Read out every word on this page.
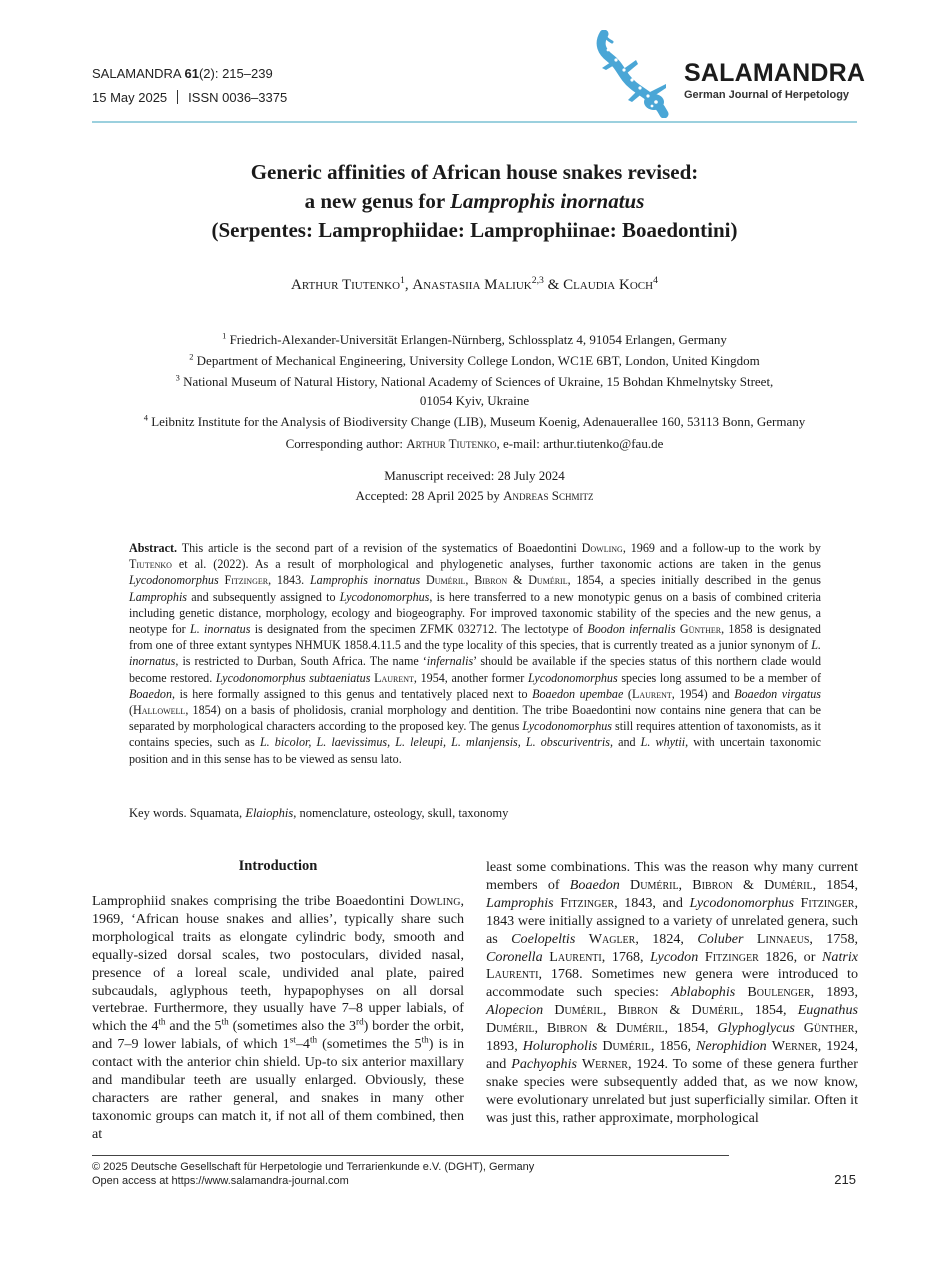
SALAMANDRA 61(2): 215–239
15 May 2025 ISSN 0036–3375
SALAMANDRA
German Journal of Herpetology
Generic affinities of African house snakes revised:
a new genus for Lamprophis inornatus
(Serpentes: Lamprophiidae: Lamprophiinae: Boaedontini)
Arthur Tiutenko$^1$, Anastasiia Maliuk$^{2,3}$ & Claudia Koch$^4$
$^1$ Friedrich-Alexander-Universität Erlangen-Nürnberg, Schlossplatz 4, 91054 Erlangen, Germany
$^2$ Department of Mechanical Engineering, University College London, WC1E 6BT, London, United Kingdom
$^3$ National Museum of Natural History, National Academy of Sciences of Ukraine, 15 Bohdan Khmelnytsky Street,
01054 Kyiv, Ukraine
$^4$ Leibnitz Institute for the Analysis of Biodiversity Change (LIB), Museum Koenig, Adenauerallee 160, 53113 Bonn, Germany
Corresponding author: Arthur Tiutenko, e-mail: arthur.tiutenko@fau.de
Manuscript received: 28 July 2024
Accepted: 28 April 2025 by Andreas Schmitz
Abstract. This article is the second part of a revision of the systematics of Boaedontini Dowling, 1969 and a follow-up to the work by Tiutenko et al. (2022). As a result of morphological and phylogenetic analyses, further taxonomic actions are taken in the genus Lycodonomorphus Fitzinger, 1843. Lamprophis inornatus Duméril, Bibron & Duméril, 1854, a species initially described in the genus Lamprophis and subsequently assigned to Lycodonomorphus, is here transferred to a new monotypic genus on a basis of combined criteria including genetic distance, morphology, ecology and biogeography. For improved taxonomic stability of the species and the new genus, a neotype for L. inornatus is designated from the specimen ZFMK 032712. The lectotype of Boodon infernalis Günther, 1858 is designated from one of three extant syntypes NHMUK 1858.4.11.5 and the type locality of this species, that is currently treated as a junior synonym of L. inornatus, is restricted to Durban, South Africa. The name ‘infernalis’ should be available if the species status of this northern clade would become restored. Lycodonomorphus subtaeniatus Laurent, 1954, another former Lycodonomorphus species long assumed to be a member of Boaedon, is here formally assigned to this genus and tentatively placed next to Boaedon upembae (Laurent, 1954) and Boaedon virgatus (Hallowell, 1854) on a basis of pholidosis, cranial morphology and dentition. The tribe Boaedontini now contains nine genera that can be separated by morphological characters according to the proposed key. The genus Lycodonomorphus still requires attention of taxonomists, as it contains species, such as L. bicolor, L. laevissimus, L. leleupi, L. mlanjensis, L. obscuriventris, and L. whytii, with uncertain taxonomic position and in this sense has to be viewed as sensu lato.
Key words. Squamata, Elaiophis, nomenclature, osteology, skull, taxonomy
Introduction
Lamprophiid snakes comprising the tribe Boaedontini Dowling, 1969, ‘African house snakes and allies’, typically share such morphological traits as elongate cylindric body, smooth and equally-sized dorsal scales, two postoculars, divided nasal, presence of a loreal scale, undivided anal plate, paired subcaudals, aglyphous teeth, hypapophyses on all dorsal vertebrae. Furthermore, they usually have 7–8 upper labials, of which the 4th and the 5th (sometimes also the 3rd) border the orbit, and 7–9 lower labials, of which 1st–4th (sometimes the 5th) is in contact with the anterior chin shield. Up-to six anterior maxillary and mandibular teeth are usually enlarged. Obviously, these characters are rather general, and snakes in many other taxonomic groups can match it, if not all of them combined, then at
least some combinations. This was the reason why many current members of Boaedon Duméril, Bibron & Duméril, 1854, Lamprophis Fitzinger, 1843, and Lycodonomorphus Fitzinger, 1843 were initially assigned to a variety of unrelated genera, such as Coelopeltis Wagler, 1824, Coluber Linnaeus, 1758, Coronella Laurenti, 1768, Lycodon Fitzinger 1826, or Natrix Laurenti, 1768. Sometimes new genera were introduced to accommodate such species: Ablabophis Boulenger, 1893, Alopecion Duméril, Bibron & Duméril, 1854, Eugnathus Duméril, Bibron & Duméril, 1854, Glyphoglycus Günther, 1893, Holuropholis Duméril, 1856, Nerophidion Werner, 1924, and Pachyophis Werner, 1924. To some of these genera further snake species were subsequently added that, as we now know, were evolutionary unrelated but just superficially similar. Often it was just this, rather approximate, morphological
© 2025 Deutsche Gesellschaft für Herpetologie und Terrarienkunde e.V. (DGHT), Germany
Open access at https://www.salamandra-journal.com	215
